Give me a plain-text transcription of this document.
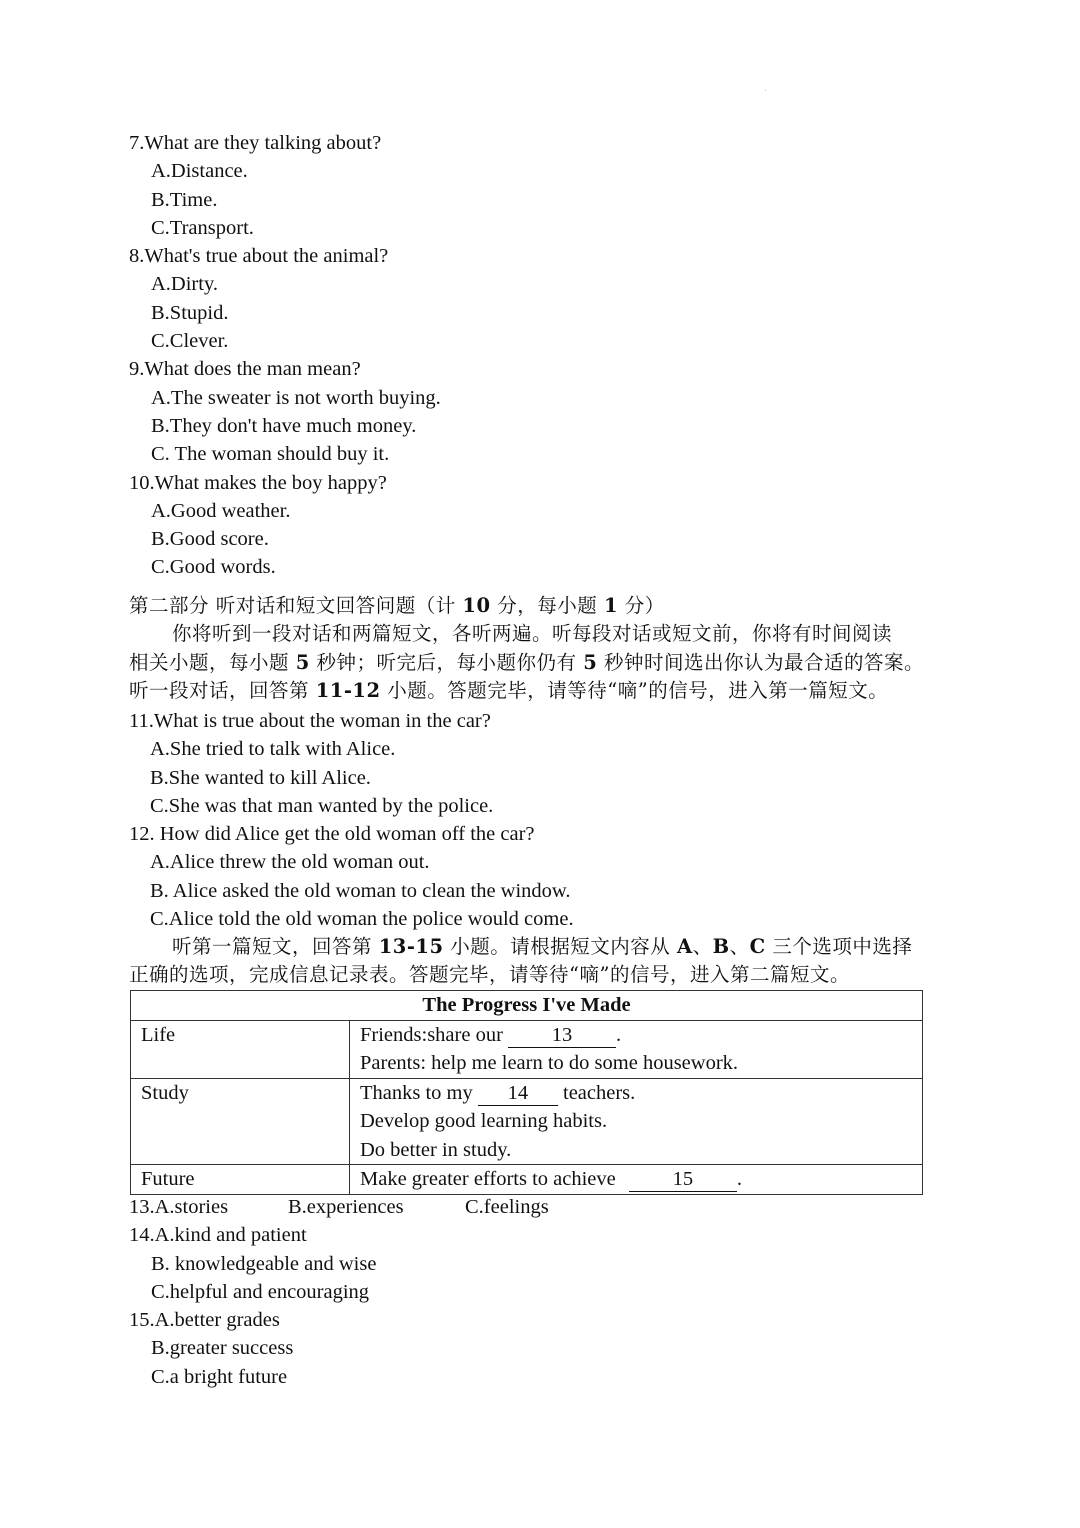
·
7.What are they talking about?
A.Distance.
B.Time.
C.Transport.
8.What's true about the animal?
A.Dirty.
B.Stupid.
C.Clever.
9.What does the man mean?
A.The sweater is not worth buying.
B.They don't have much money.
C. The woman should buy it.
10.What makes the boy happy?
A.Good weather.
B.Good score.
C.Good words.
第二部分 听对话和短文回答问题（计 10 分，每小题 1 分）
你将听到一段对话和两篇短文，各听两遍。听每段对话或短文前，你将有时间阅读
相关小题，每小题 5 秒钟；听完后，每小题你仍有 5 秒钟时间选出你认为最合适的答案。
听一段对话，回答第 11-12 小题。答题完毕，请等待“嘀”的信号，进入第一篇短文。
11.What is true about the woman in the car?
A.She tried to talk with Alice.
B.She wanted to kill Alice.
C.She was that man wanted by the police.
12. How did Alice get the old woman off the car?
A.Alice threw the old woman out.
B. Alice asked the old woman to clean the window.
C.Alice told the old woman the police would come.
听第一篇短文，回答第 13-15 小题。请根据短文内容从 A、B、C 三个选项中选择
正确的选项，完成信息记录表。答题完毕，请等待“嘀”的信号，进入第二篇短文。
The Progress I've Made	
Life	Friends:share our 13 .
Parents: help me learn to do some housework.

Study	Thanks to my 14 teachers.
Develop good learning habits.
Do better in study.

Future	Make greater efforts to achieve 15 .
13.A.stories	B.experiences	C.feelings
14.A.kind and patient
B. knowledgeable and wise
C.helpful and encouraging
15.A.better grades
B.greater success
C.a bright future
